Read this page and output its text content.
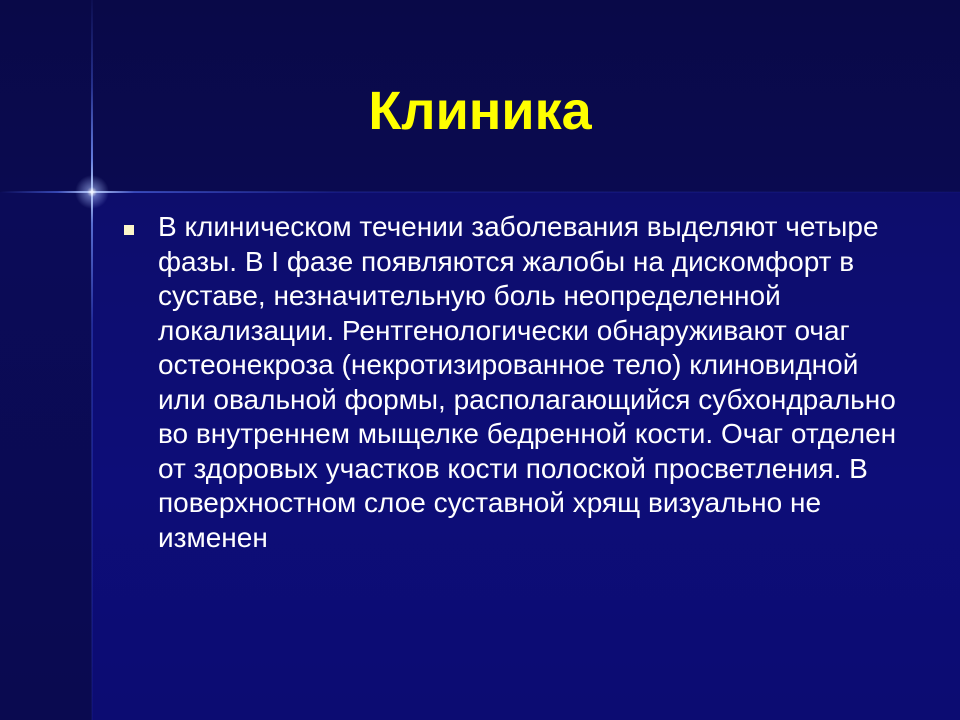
Клиника

В клиническом течении заболевания выделяют четыре фазы. В I фазе появляются жалобы на дискомфорт в суставе, незначительную боль неопределенной локализации. Рентгенологически обнаруживают очаг остеонекроза (некротизированное тело) клиновидной или овальной формы, располагающийся субхондрально во внутреннем мыщелке бедренной кости. Очаг отделен от здоровых участков кости полоской просветления. В поверхностном слое суставной хрящ визуально не изменен
